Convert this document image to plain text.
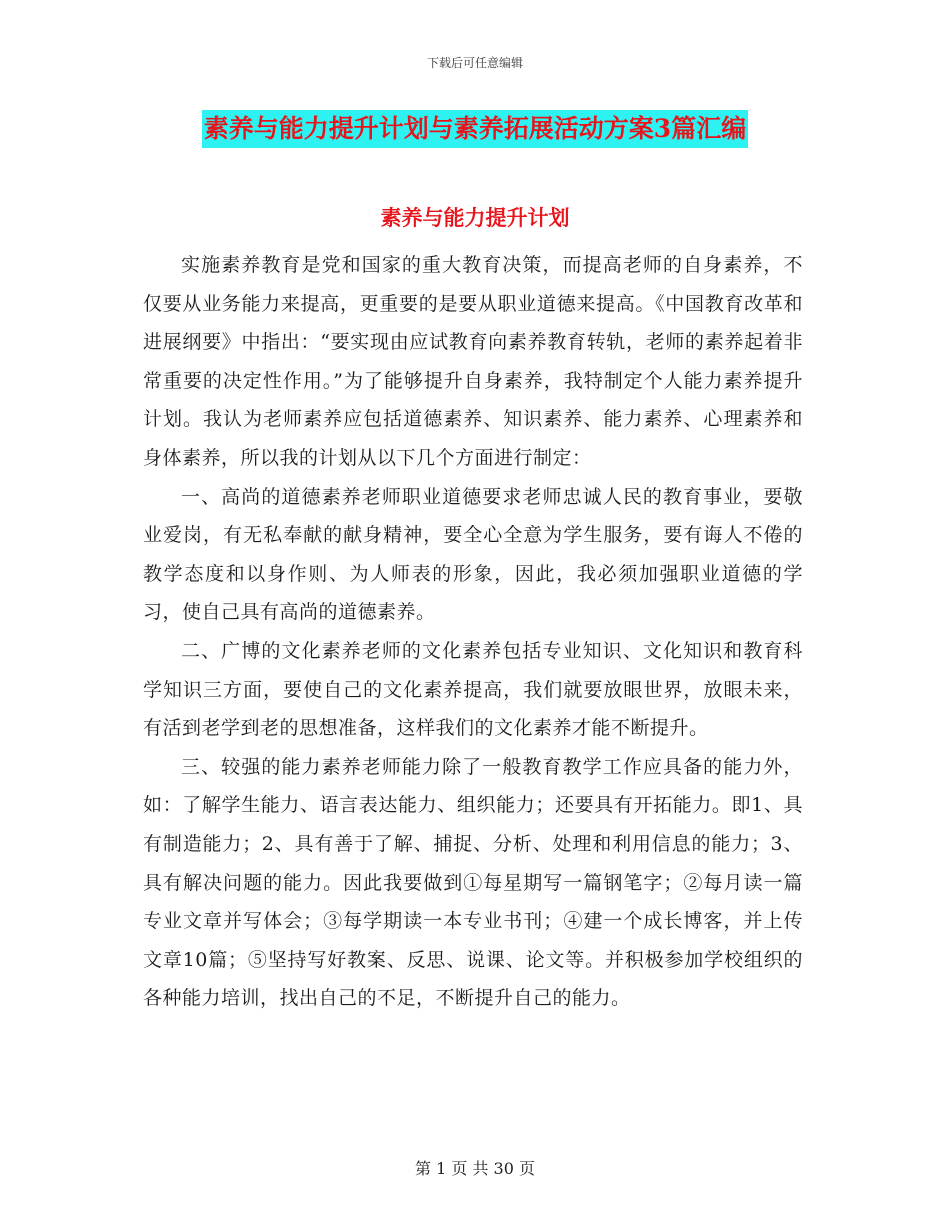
下载后可任意编辑
素养与能力提升计划与素养拓展活动方案3篇汇编
素养与能力提升计划

实施素养教育是党和国家的重大教育决策，而提高老师的自身素养，不仅要从业务能力来提高，更重要的是要从职业道德来提高。《中国教育改革和进展纲要》中指出：“要实现由应试教育向素养教育转轨，老师的素养起着非常重要的决定性作用。”为了能够提升自身素养，我特制定个人能力素养提升计划。我认为老师素养应包括道德素养、知识素养、能力素养、心理素养和身体素养，所以我的计划从以下几个方面进行制定：

一、高尚的道德素养老师职业道德要求老师忠诚人民的教育事业，要敬业爱岗，有无私奉献的献身精神，要全心全意为学生服务，要有诲人不倦的教学态度和以身作则、为人师表的形象，因此，我必须加强职业道德的学习，使自己具有高尚的道德素养。

二、广博的文化素养老师的文化素养包括专业知识、文化知识和教育科学知识三方面，要使自己的文化素养提高，我们就要放眼世界，放眼未来，有活到老学到老的思想准备，这样我们的文化素养才能不断提升。

三、较强的能力素养老师能力除了一般教育教学工作应具备的能力外，如：了解学生能力、语言表达能力、组织能力；还要具有开拓能力。即1、具有制造能力；2、具有善于了解、捕捉、分析、处理和利用信息的能力；3、具有解决问题的能力。因此我要做到①每星期写一篇钢笔字；②每月读一篇专业文章并写体会；③每学期读一本专业书刊；④建一个成长博客，并上传文章10篇；⑤坚持写好教案、反思、说课、论文等。并积极参加学校组织的各种能力培训，找出自己的不足，不断提升自己的能力。

第 1 页 共 30 页
